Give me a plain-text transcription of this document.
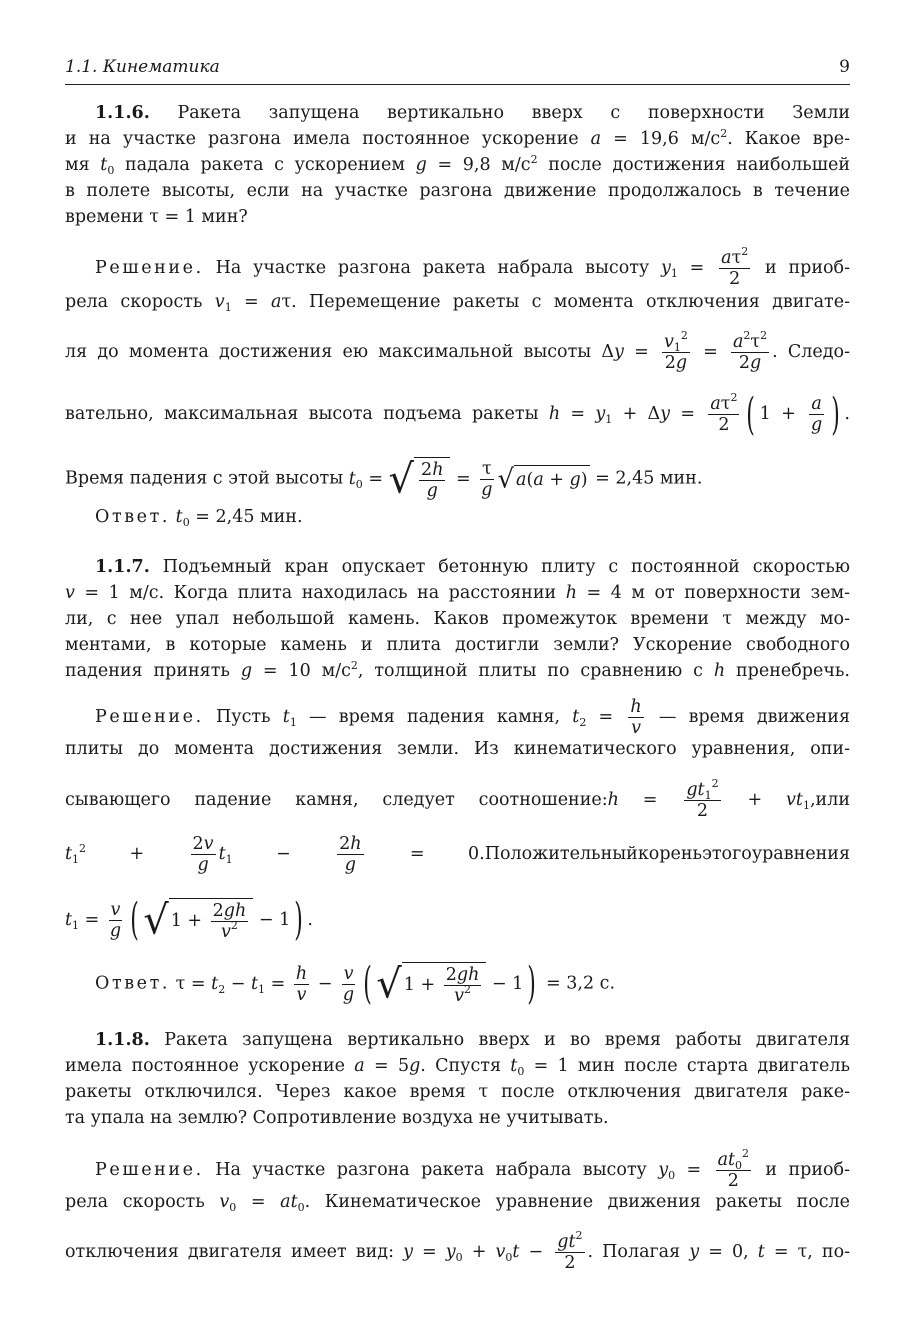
1.1. Кинематика	9
1.1.6. Ракета запущена вертикально вверх с поверхности Земли
и на участке разгона имела постоянное ускорение a = 19,6 $м/с^2$. Какое вре-
мя $t_0$ падала ракета с ускорением g = 9,8 $м/с^2$ после достижения наибольшей
в полете высоты, если на участке разгона движение продолжалось в течение
времени τ = 1 мин?
Решение. На участке разгона ракета набрала высоту $y_1 = \frac{a\tau^2}{2}$ и приоб-
рела скорость $v_1 = a\tau$. Перемещение ракеты с момента отключения двигате-
ля до момента достижения ею максимальной высоты $\Delta y = \frac{v_1^2}{2g} = \frac{a^2\tau^2}{2g}$ . Следо-
вательно, максимальная высота подъема ракеты $h = y_1 + \Delta y = \frac{a\tau^2}{2}$ ( $1 + \frac{a}{g}$ ) .
Время падения с этой высоты $t_0$ = √ $\frac{2h}{g} = \frac{\tau}{g}$ √ a(a + g) = 2,45 мин.
Ответ. $t_0 = 2,45$ мин.
1.1.7. Подъемный кран опускает бетонную плиту с постоянной скоростью
v = 1 м/с. Когда плита находилась на расстоянии h = 4 м от поверхности зем-
ли, с нее упал небольшой камень. Каков промежуток времени τ между мо-
ментами, в которые камень и плита достигли земли? Ускорение свободного
падения принять g = 10 $м/с^2$, толщиной плиты по сравнению с h пренебречь.
Решение. Пусть $t_1$ — время падения камня, $t_2 = \frac{h}{v}$ — время движения
плиты до момента достижения земли. Из кинематического уравнения, опи-
сывающего падение камня, следует соотношение:h = $\frac{gt_1^2}{2} + vt_1,или$
$t_1^2 + \frac{2v}{g} t_1 - \frac{2h}{g}$ = 0.Положительныйкореньэтогоуравнения
$t_1 = \frac{v}{g}$ ( √ $1 + \frac{2gh}{v^2} - 1$) .
Ответ. $\tau = t_2 - t_1 = \frac{h}{v} - \frac{v}{g}$ ( √ $1 + \frac{2gh}{v^2} - 1) = 3,2$ с.
1.1.8. Ракета запущена вертикально вверх и во время работы двигателя
имела постоянное ускорение a = 5g. Спустя $t_0 = 1$ мин после старта двигатель
ракеты отключился. Через какое время τ после отключения двигателя раке-
та упала на землю? Сопротивление воздуха не учитывать.
Решение. На участке разгона ракета набрала высоту $y_0 = \frac{at_0^2}{2}$ и приоб-
рела скорость $v_0 = at_0$. Кинематическое уравнение движения ракеты после
отключения двигателя имеет вид: $y = y_0 + v_0t - \frac{gt^2}{2}$ . Полагая y = 0, t = τ, по-
